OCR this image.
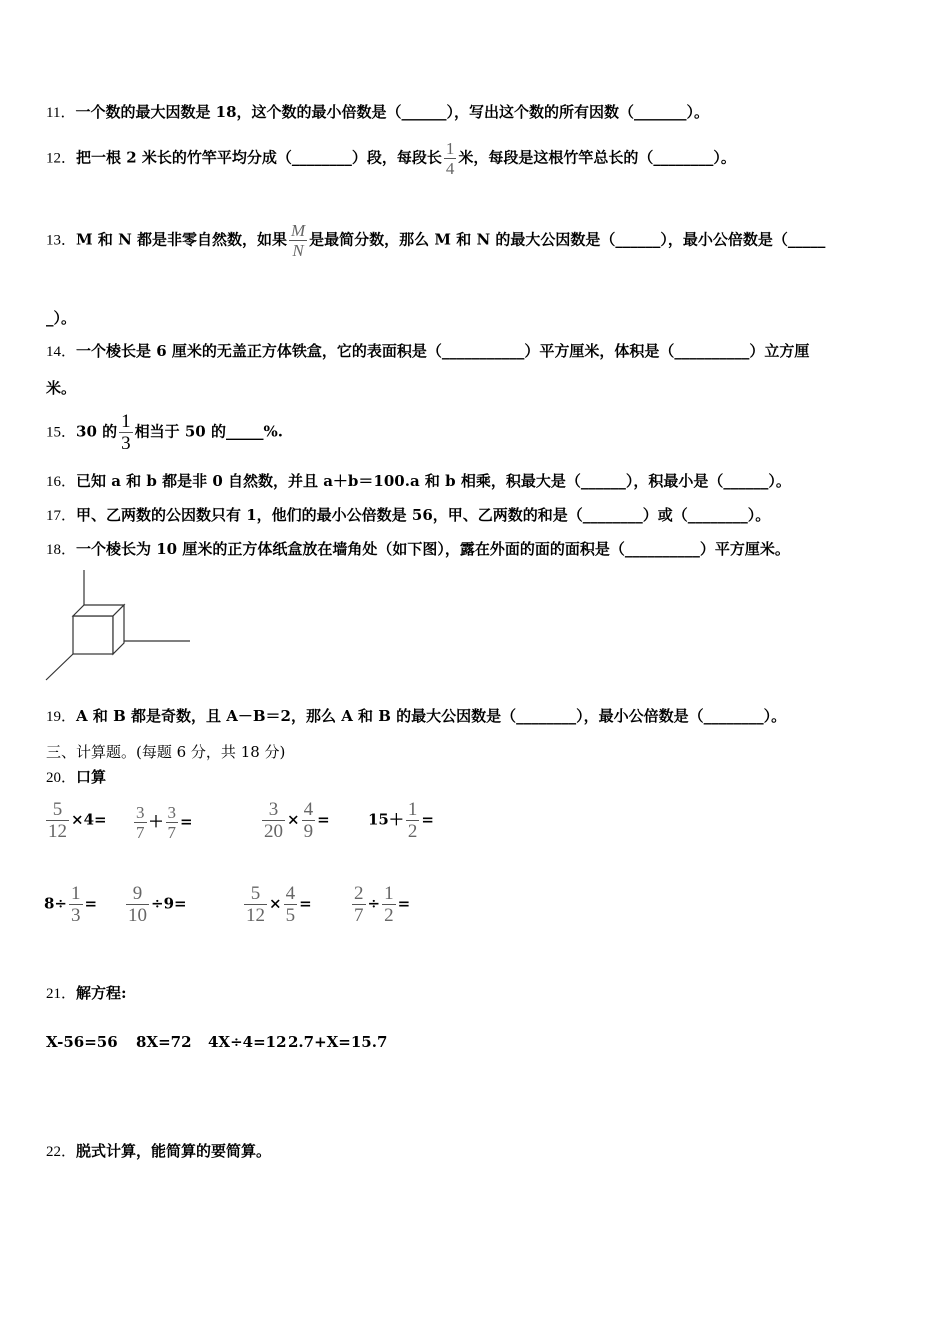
11．一个数的最大因数是 18，这个数的最小倍数是（______），写出这个数的所有因数（_______）。
12．把一根 2 米长的竹竿平均分成（________）段，每段长 $\frac{1}{4}$ 米，每段是这根竹竿总长的（________）。
13．M 和 N 都是非零自然数，如果 $\frac{M}{N}$ 是最简分数，那么 M 和 N 的最大公因数是（______），最小公倍数是（_____
_）。
14．一个棱长是 6 厘米的无盖正方体铁盒，它的表面积是（___________）平方厘米，体积是（__________）立方厘
米。
15．30 的 $\frac{1}{3}$ 相当于 50 的_____%.
16．已知 a 和 b 都是非 0 自然数，并且 a＋b＝100.a 和 b 相乘，积最大是（______），积最小是（______）。
17．甲、乙两数的公因数只有 1，他们的最小公倍数是 56，甲、乙两数的和是（________）或（________）。
18．一个棱长为 10 厘米的正方体纸盒放在墙角处（如下图），露在外面的面的面积是（__________）平方厘米。
19．A 和 B 都是奇数，且 A－B＝2，那么 A 和 B 的最大公因数是（________），最小公倍数是（________）。
三、计算题。(每题 6 分，共 18 分)
20．口算
$\frac{5}{12} \times 4= \frac{3}{7} + \frac{3}{7}$ =	$\frac{3}{20} \times \frac{4}{9}$ =	$15+ \frac{1}{2}$ =
$8\div \frac{1}{3} = \frac{9}{10} \div 9=$	$\frac{5}{12} \times \frac{4}{5} = \frac{2}{7} \div \frac{1}{2}$ =
21．解方程:
X-56=56 8X=72 4X÷4=12 2.7+X=15.7
22．脱式计算，能简算的要简算。
